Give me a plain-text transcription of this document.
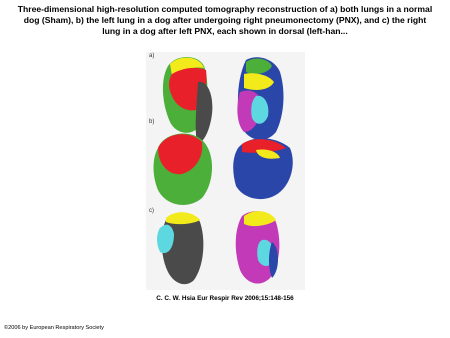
Three-dimensional high-resolution computed tomography reconstruction of a) both lungs in a normal dog (Sham), b) the left lung in a dog after undergoing right pneumonectomy (PNX), and c) the right lung in a dog after left PNX, each shown in dorsal (left-han...
a)
b)
c)
C. C. W. Hsia Eur Respir Rev 2006;15:148-156
©2006 by European Respiratory Society
